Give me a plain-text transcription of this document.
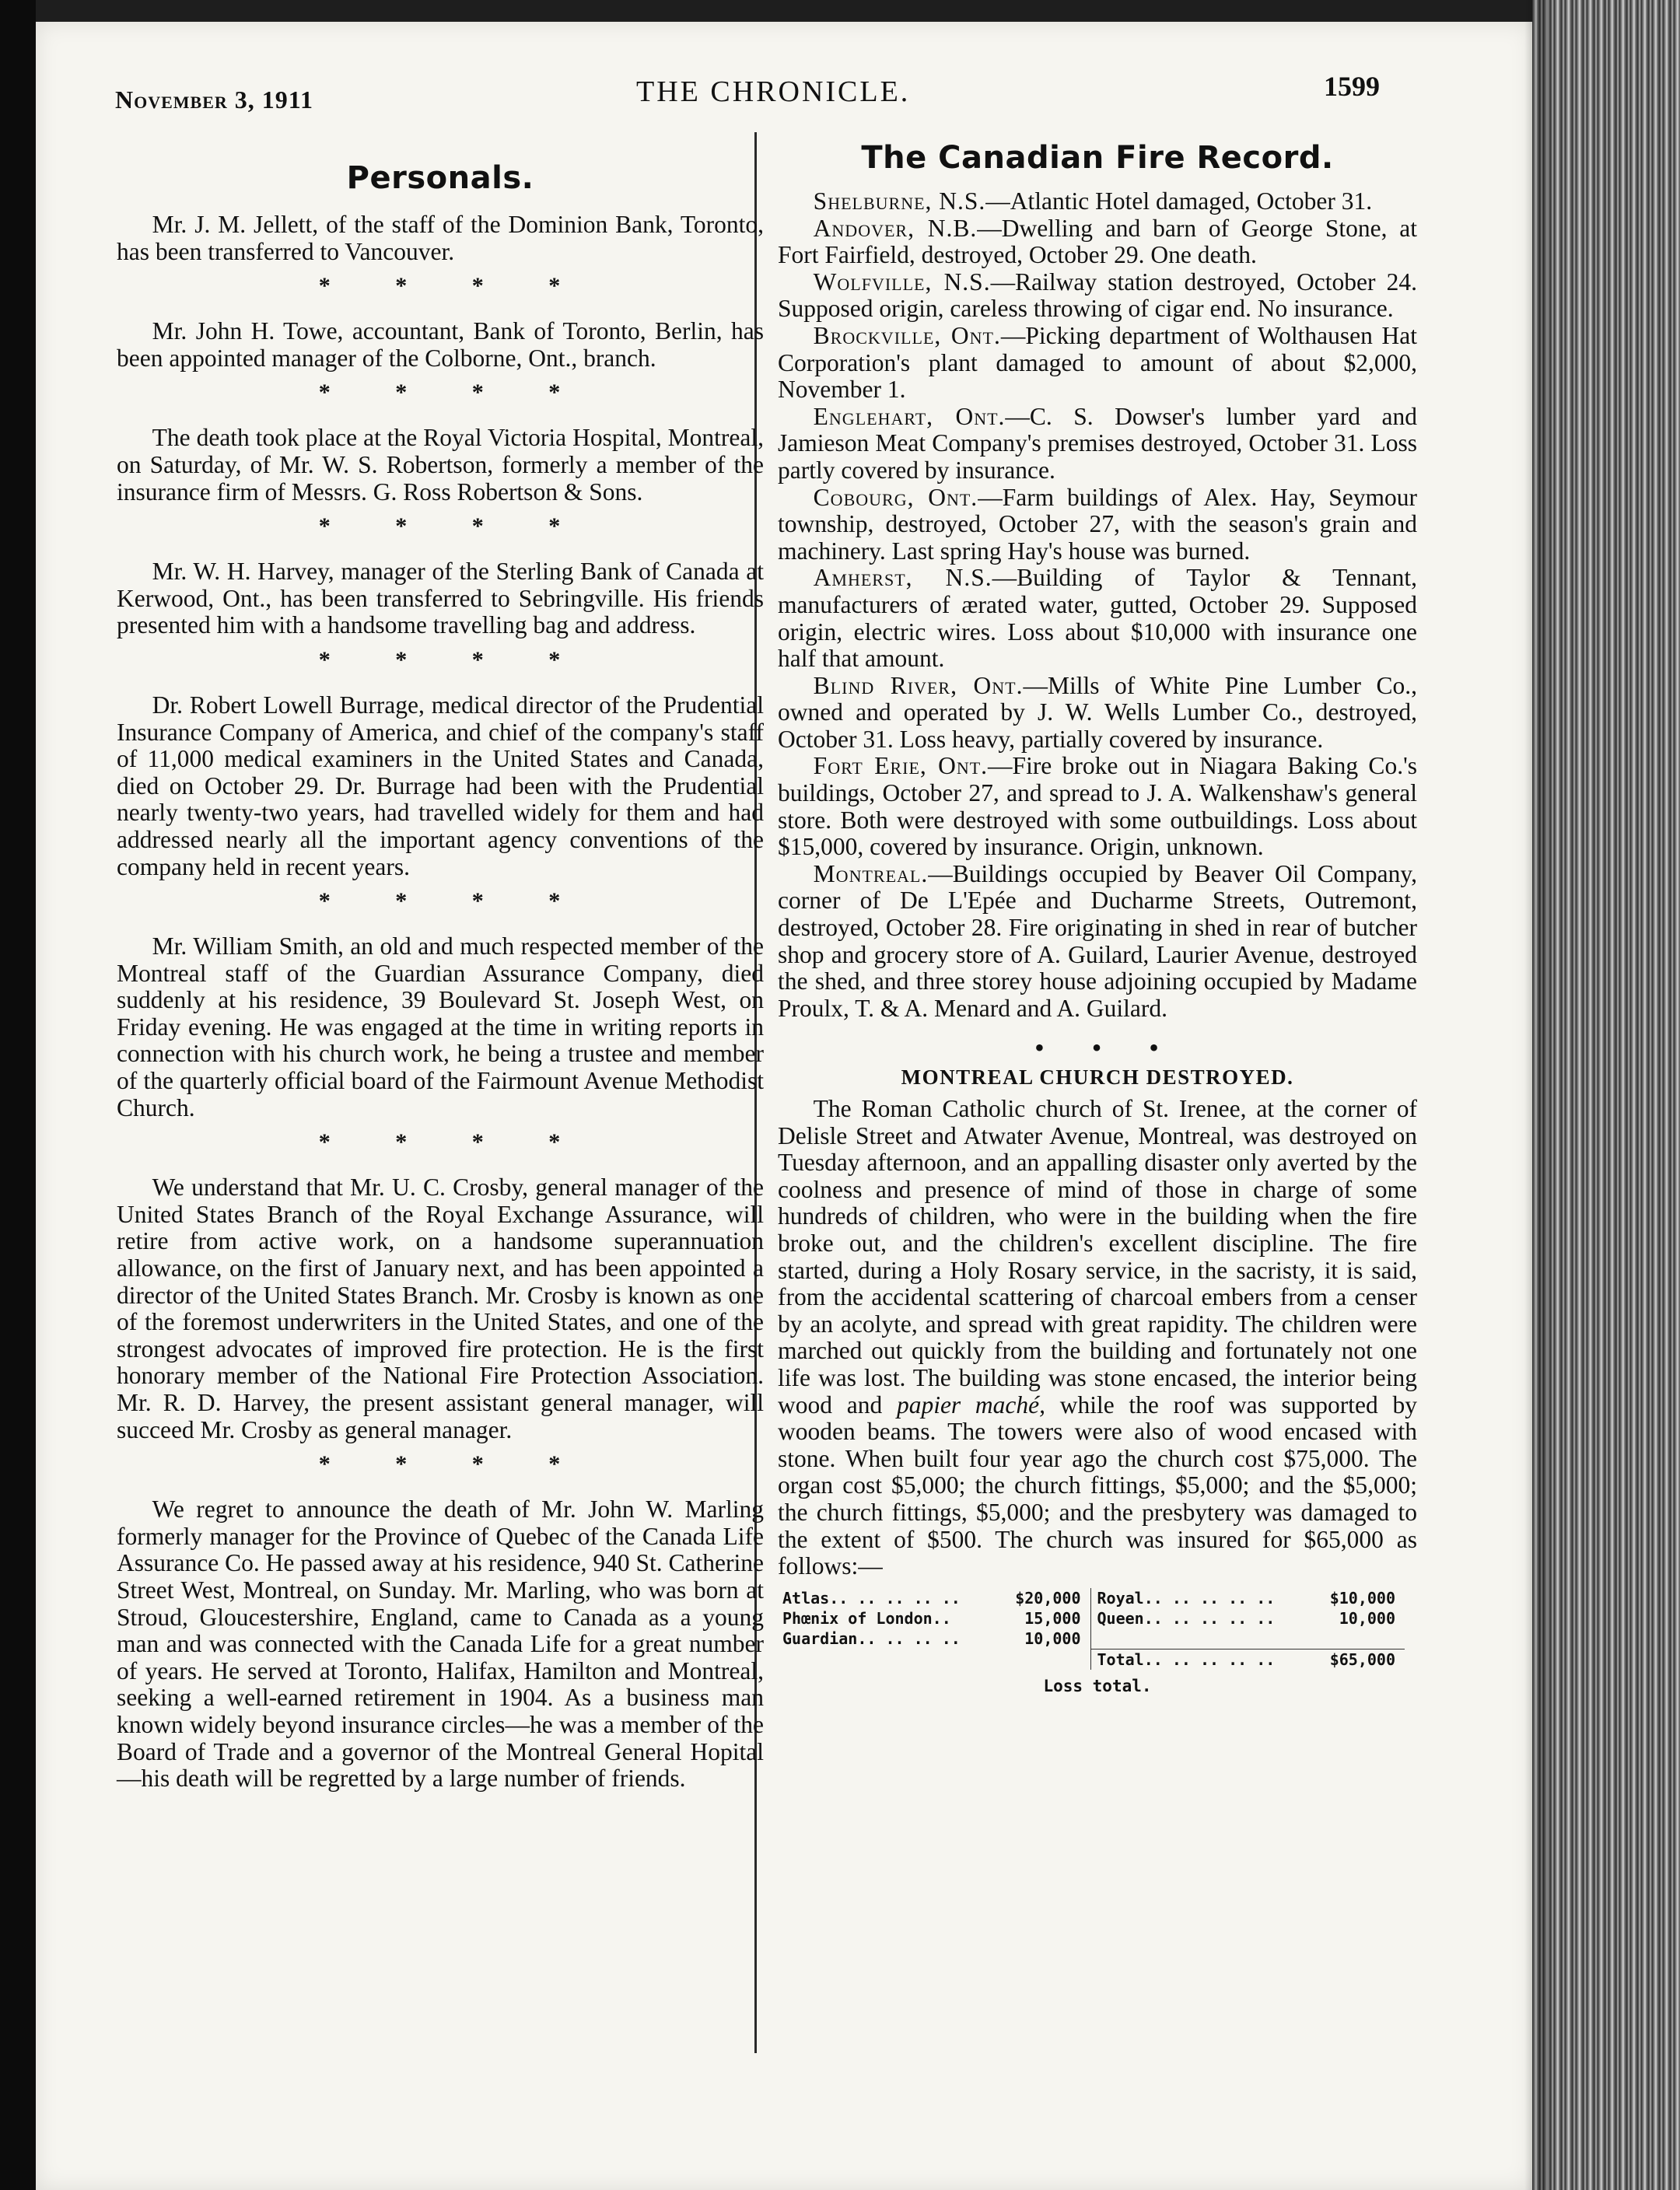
November 3, 1911	THE CHRONICLE.	1599
Personals.

Mr. J. M. Jellett, of the staff of the Dominion Bank, Toronto, has been transferred to Vancouver.

* * * *

Mr. John H. Towe, accountant, Bank of Toronto, Berlin, has been appointed manager of the Colborne, Ont., branch.

* * * *

The death took place at the Royal Victoria Hospital, Montreal, on Saturday, of Mr. W. S. Robertson, formerly a member of the insurance firm of Messrs. G. Ross Robertson & Sons.

* * * *

Mr. W. H. Harvey, manager of the Sterling Bank of Canada at Kerwood, Ont., has been transferred to Sebringville. His friends presented him with a handsome travelling bag and address.

* * * *

Dr. Robert Lowell Burrage, medical director of the Prudential Insurance Company of America, and chief of the company's staff of 11,000 medical examiners in the United States and Canada, died on October 29. Dr. Burrage had been with the Prudential nearly twenty-two years, had travelled widely for them and had addressed nearly all the important agency conventions of the company held in recent years.

* * * *

Mr. William Smith, an old and much respected member of the Montreal staff of the Guardian Assurance Company, died suddenly at his residence, 39 Boulevard St. Joseph West, on Friday evening. He was engaged at the time in writing reports in connection with his church work, he being a trustee and member of the quarterly official board of the Fairmount Avenue Methodist Church.

* * * *

We understand that Mr. U. C. Crosby, general manager of the United States Branch of the Royal Exchange Assurance, will retire from active work, on a handsome superannuation allowance, on the first of January next, and has been appointed a director of the United States Branch. Mr. Crosby is known as one of the foremost underwriters in the United States, and one of the strongest advocates of improved fire protection. He is the first honorary member of the National Fire Protection Association. Mr. R. D. Harvey, the present assistant general manager, will succeed Mr. Crosby as general manager.

* * * *

We regret to announce the death of Mr. John W. Marling formerly manager for the Province of Quebec of the Canada Life Assurance Co. He passed away at his residence, 940 St. Catherine Street West, Montreal, on Sunday. Mr. Marling, who was born at Stroud, Gloucestershire, England, came to Canada as a young man and was connected with the Canada Life for a great number of years. He served at Toronto, Halifax, Hamilton and Montreal, seeking a well-earned retirement in 1904. As a business man known widely beyond insurance circles—he was a member of the Board of Trade and a governor of the Montreal General Hopital—his death will be regretted by a large number of friends.

The Canadian Fire Record.

Shelburne, N.S.—Atlantic Hotel damaged, October 31.

Andover, N.B.—Dwelling and barn of George Stone, at Fort Fairfield, destroyed, October 29. One death.

Wolfville, N.S.—Railway station destroyed, October 24. Supposed origin, careless throwing of cigar end. No insurance.

Brockville, Ont.—Picking department of Wolthausen Hat Corporation's plant damaged to amount of about $2,000, November 1.

Englehart, Ont.—C. S. Dowser's lumber yard and Jamieson Meat Company's premises destroyed, October 31. Loss partly covered by insurance.

Cobourg, Ont.—Farm buildings of Alex. Hay, Seymour township, destroyed, October 27, with the season's grain and machinery. Last spring Hay's house was burned.

Amherst, N.S.—Building of Taylor & Tennant, manufacturers of ærated water, gutted, October 29. Supposed origin, electric wires. Loss about $10,000 with insurance one half that amount.

Blind River, Ont.—Mills of White Pine Lumber Co., owned and operated by J. W. Wells Lumber Co., destroyed, October 31. Loss heavy, partially covered by insurance.

Fort Erie, Ont.—Fire broke out in Niagara Baking Co.'s buildings, October 27, and spread to J. A. Walkenshaw's general store. Both were destroyed with some outbuildings. Loss about $15,000, covered by insurance. Origin, unknown.

Montreal.—Buildings occupied by Beaver Oil Company, corner of De L'Epée and Ducharme Streets, Outremont, destroyed, October 28. Fire originating in shed in rear of butcher shop and grocery store of A. Guilard, Laurier Avenue, destroyed the shed, and three storey house adjoining occupied by Madame Proulx, T. & A. Menard and A. Guilard.

• • •
MONTREAL CHURCH DESTROYED.

The Roman Catholic church of St. Irenee, at the corner of Delisle Street and Atwater Avenue, Montreal, was destroyed on Tuesday afternoon, and an appalling disaster only averted by the coolness and presence of mind of those in charge of some hundreds of children, who were in the building when the fire broke out, and the children's excellent discipline. The fire started, during a Holy Rosary service, in the sacristy, it is said, from the accidental scattering of charcoal embers from a censer by an acolyte, and spread with great rapidity. The children were marched out quickly from the building and fortunately not one life was lost. The building was stone encased, the interior being wood and papier maché, while the roof was supported by wooden beams. The towers were also of wood encased with stone. When built four year ago the church cost $75,000. The organ cost $5,000; the church fittings, $5,000; and the $5,000; the church fittings, $5,000; and the presbytery was damaged to the extent of $500. The church was insured for $65,000 as follows:—

Atlas.. .. .. .. ..	$20,000	Royal.. .. .. .. ..	$10,000
Phœnix of London..	15,000	Queen.. .. .. .. ..	10,000
Guardian.. .. .. ..	10,000
Total.. .. .. .. ..	$65,000
Loss total.
